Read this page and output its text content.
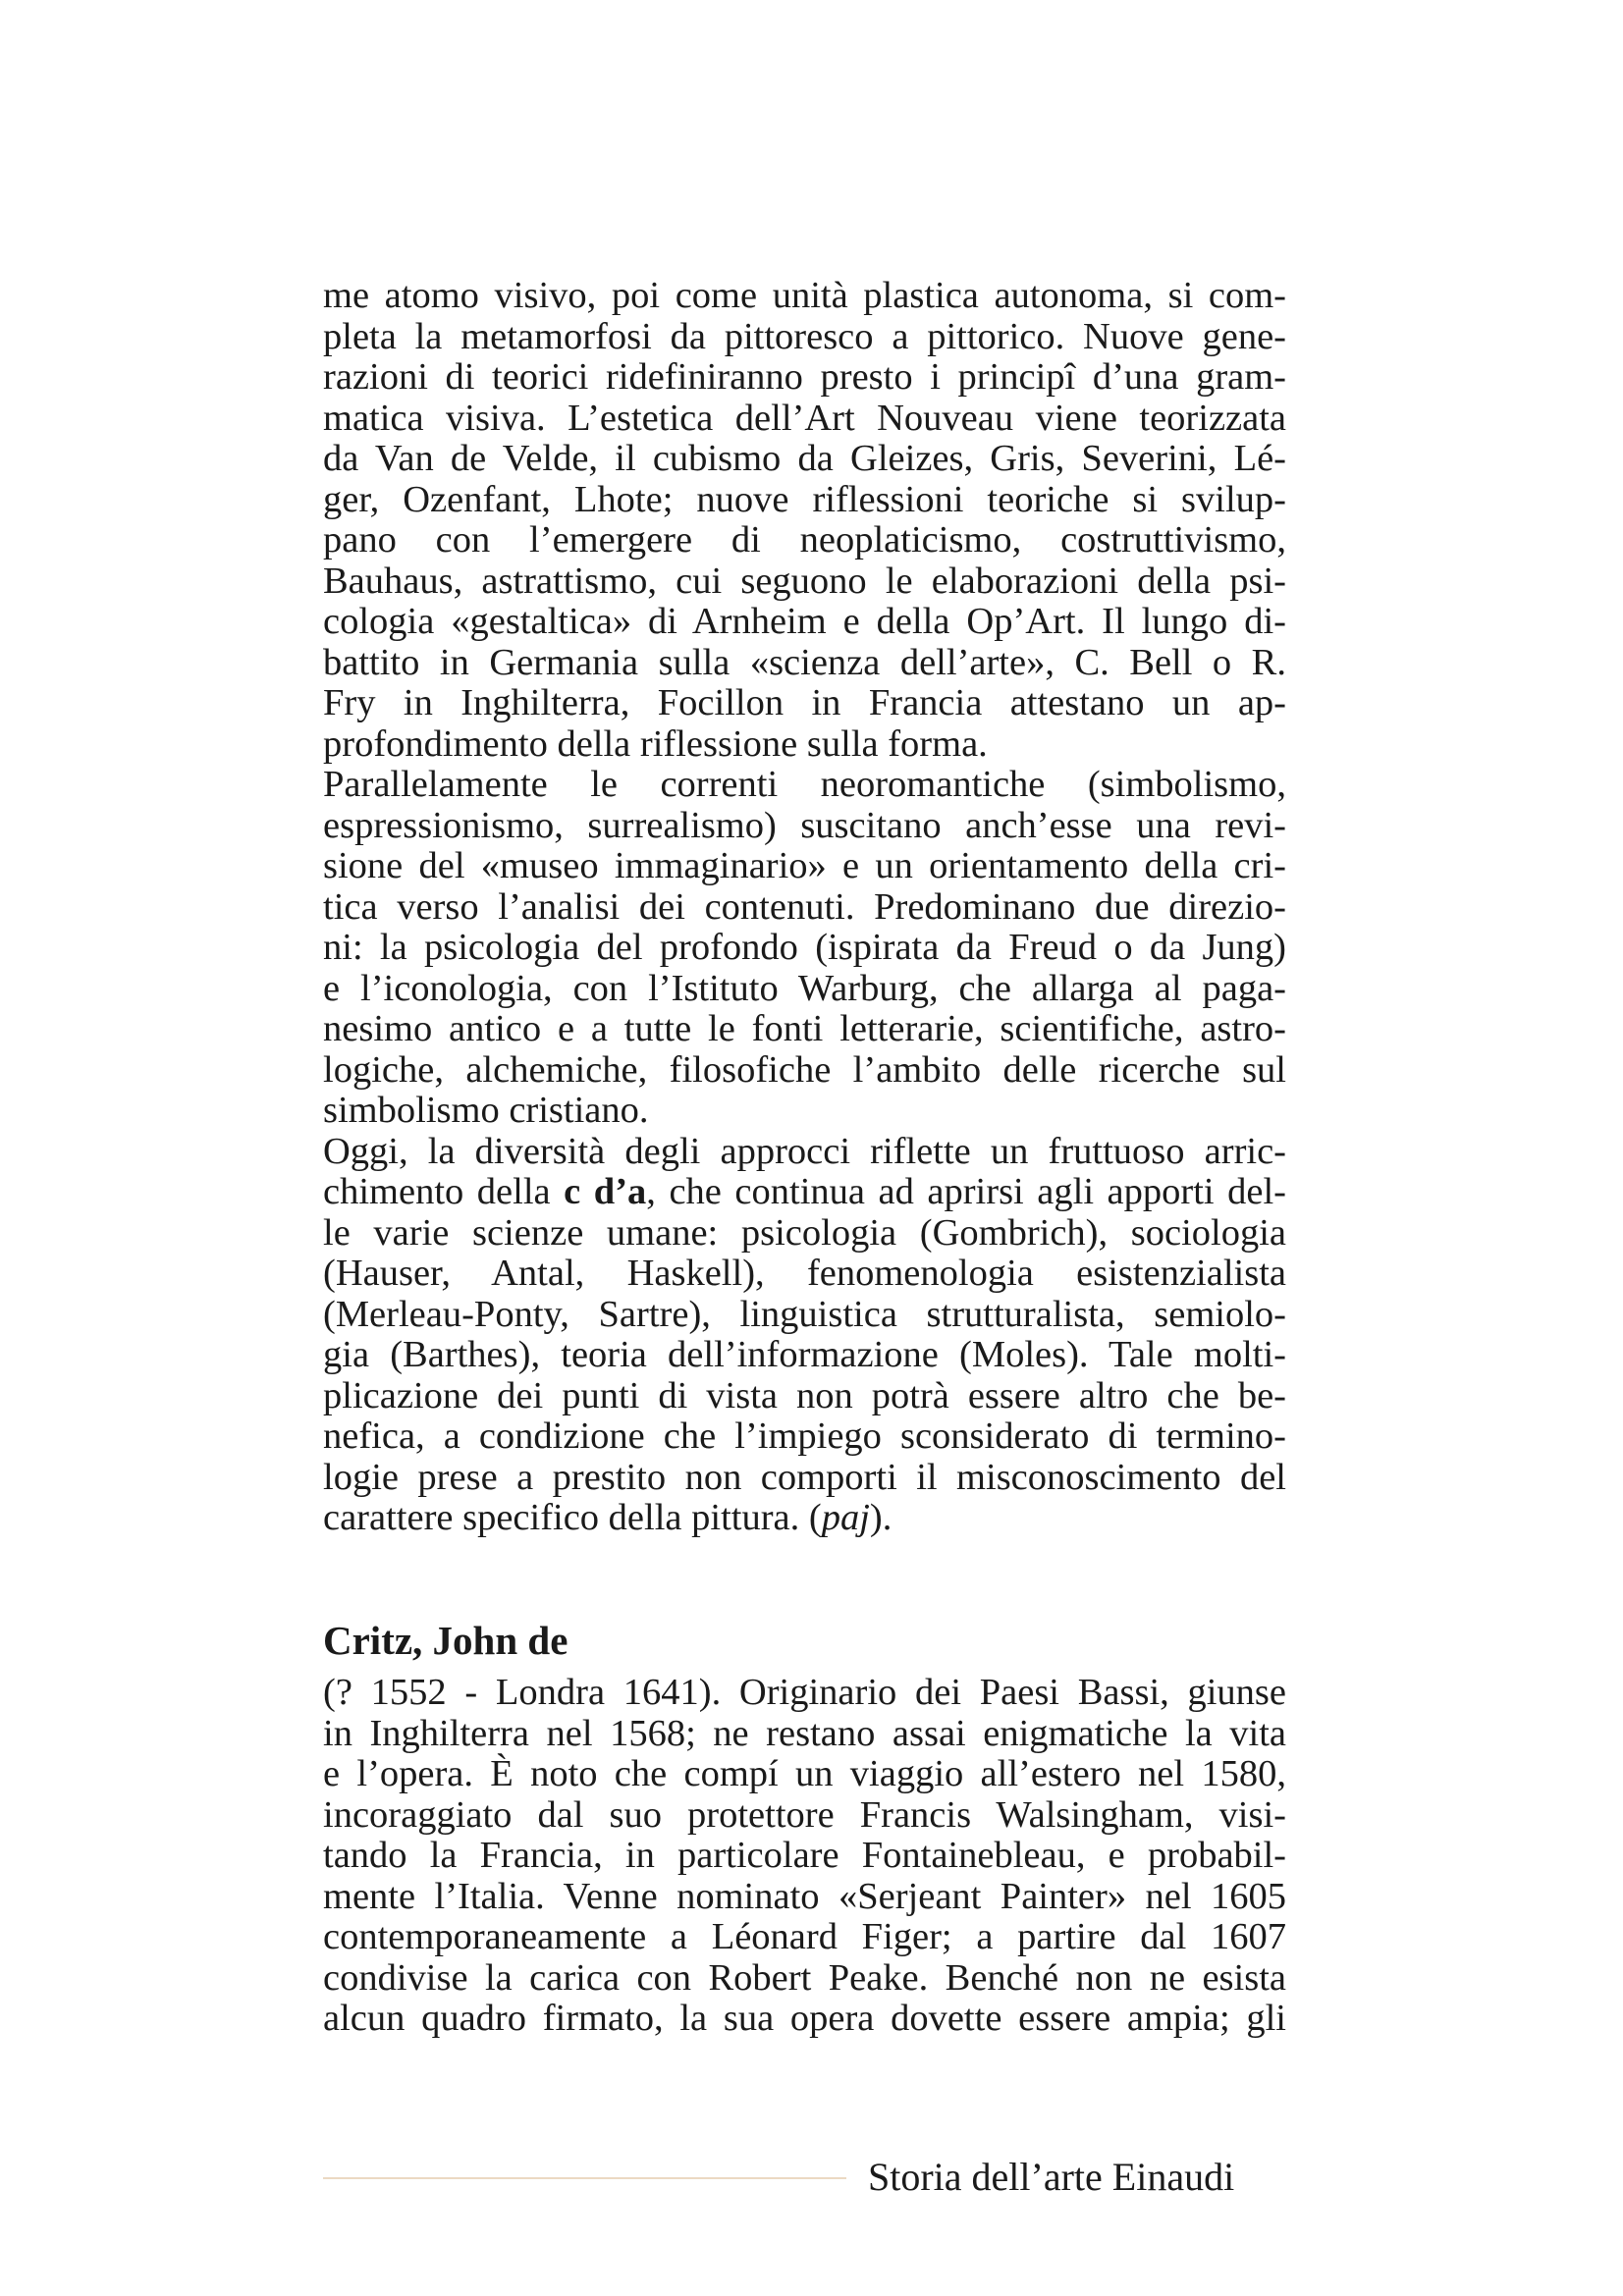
me atomo visivo, poi come unità plastica autonoma, si com-
pleta la metamorfosi da pittoresco a pittorico. Nuove gene-
razioni di teorici ridefiniranno presto i principî d’una gram-
matica visiva. L’estetica dell’Art Nouveau viene teorizzata
da Van de Velde, il cubismo da Gleizes, Gris, Severini, Lé-
ger, Ozenfant, Lhote; nuove riflessioni teoriche si svilup-
pano con l’emergere di neoplaticismo, costruttivismo,
Bauhaus, astrattismo, cui seguono le elaborazioni della psi-
cologia «gestaltica» di Arnheim e della Op’Art. Il lungo di-
battito in Germania sulla «scienza dell’arte», C. Bell o R.
Fry in Inghilterra, Focillon in Francia attestano un ap-
profondimento della riflessione sulla forma.
Parallelamente le correnti neoromantiche (simbolismo,
espressionismo, surrealismo) suscitano anch’esse una revi-
sione del «museo immaginario» e un orientamento della cri-
tica verso l’analisi dei contenuti. Predominano due direzio-
ni: la psicologia del profondo (ispirata da Freud o da Jung)
e l’iconologia, con l’Istituto Warburg, che allarga al paga-
nesimo antico e a tutte le fonti letterarie, scientifiche, astro-
logiche, alchemiche, filosofiche l’ambito delle ricerche sul
simbolismo cristiano.
Oggi, la diversità degli approcci riflette un fruttuoso arric-
chimento della c d’a, che continua ad aprirsi agli apporti del-
le varie scienze umane: psicologia (Gombrich), sociologia
(Hauser, Antal, Haskell), fenomenologia esistenzialista
(Merleau-Ponty, Sartre), linguistica strutturalista, semiolo-
gia (Barthes), teoria dell’informazione (Moles). Tale molti-
plicazione dei punti di vista non potrà essere altro che be-
nefica, a condizione che l’impiego sconsiderato di termino-
logie prese a prestito non comporti il misconoscimento del
carattere specifico della pittura. (paj).
Critz, John de
(? 1552 - Londra 1641). Originario dei Paesi Bassi, giunse
in Inghilterra nel 1568; ne restano assai enigmatiche la vita
e l’opera. È noto che compí un viaggio all’estero nel 1580,
incoraggiato dal suo protettore Francis Walsingham, visi-
tando la Francia, in particolare Fontainebleau, e probabil-
mente l’Italia. Venne nominato «Serjeant Painter» nel 1605
contemporaneamente a Léonard Figer; a partire dal 1607
condivise la carica con Robert Peake. Benché non ne esista
alcun quadro firmato, la sua opera dovette essere ampia; gli
Storia dell’arte Einaudi
